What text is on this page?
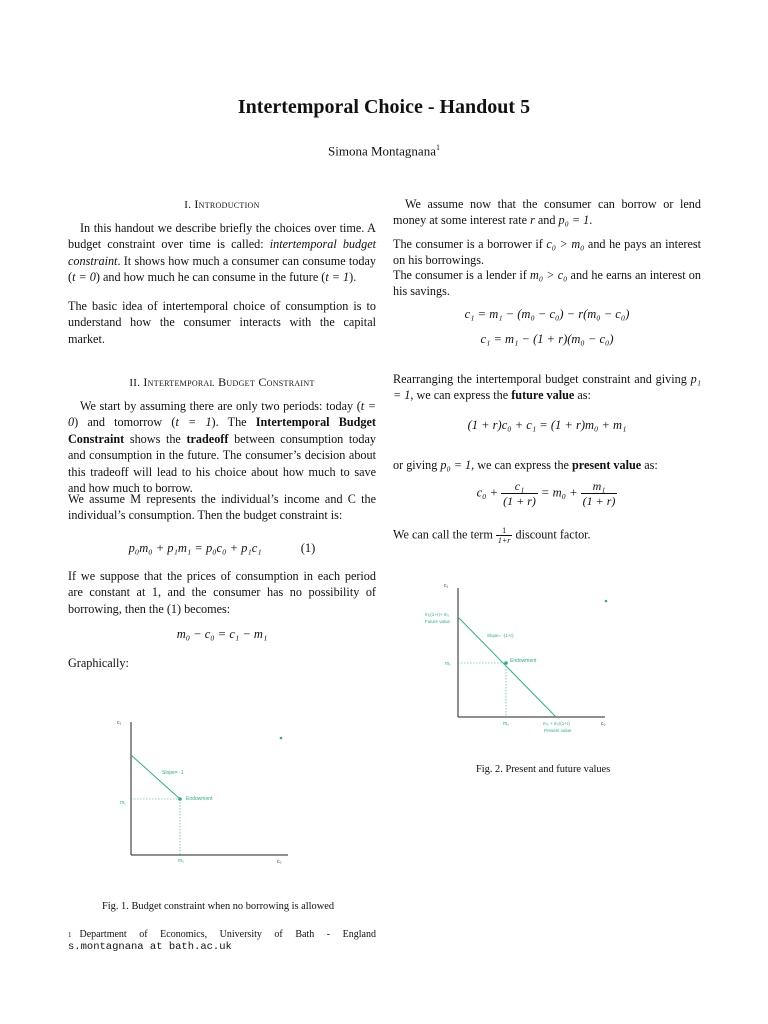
Intertemporal Choice - Handout 5
Simona Montagnana$^1$
I. Introduction
In this handout we describe briefly the choices over time. A budget constraint over time is called: intertemporal budget constraint. It shows how much a consumer can consume today (t = 0) and how much he can consume in the future (t = 1).
The basic idea of intertemporal choice of consumption is to understand how the consumer interacts with the capital market.
II. Intertemporal Budget Constraint
We start by assuming there are only two periods: today (t = 0) and tomorrow (t = 1). The Intertemporal Budget Constraint shows the tradeoff between consumption today and consumption in the future. The consumer’s decision about this tradeoff will lead to his choice about how much to save and how much to borrow.
We assume M represents the individual’s income and C the individual’s consumption. Then the budget constraint is:
p₀m₀ + p₁m₁ = p₀c₀ + p₁c₁	(1)
If we suppose that the prices of consumption in each period are constant at 1, and the consumer has no possibility of borrowing, then the (1) becomes:
m₀ − c₀ = c₁ − m₁
Graphically:
c₁
c₀
Slope= -1
Endowment
m₁
m₀
Fig. 1. Budget constraint when no borrowing is allowed
1 Department of Economics, University of Bath - England
s.montagnana at bath.ac.uk
We assume now that the consumer can borrow or lend money at some interest rate r and p₀ = 1.
The consumer is a borrower if c₀ > m₀ and he pays an interest on his borrowings.
The consumer is a lender if m₀ > c₀ and he earns an interest on his savings.
c₁ = m₁ − (m₀ − c₀) − r(m₀ − c₀)
c₁ = m₁ − (1 + r)(m₀ − c₀)
Rearranging the intertemporal budget constraint and giving p₁ = 1, we can express the future value as:
(1 + r)c₀ + c₁ = (1 + r)m₀ + m₁
or giving p₀ = 1, we can express the present value as:
$c_0 + \frac{\text{c₁}}{(1 + r)} = m_0 + \frac{\text{m₁}}{(1 + r)}$
We can call the term $\frac{1}{1+r}$ discount factor.
c₁
c₀
m₁(1+r)+ m₁
Future value
Slope= -(1+r)
Endowment
m₁
m₀	m₀ + m₁/(1+r)
Present value
Fig. 2. Present and future values
